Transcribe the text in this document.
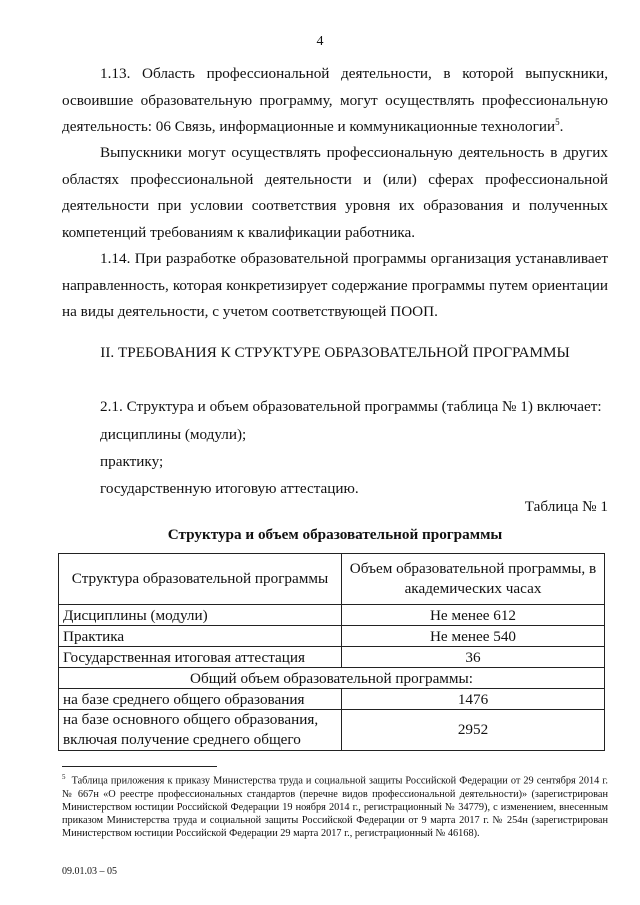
4
1.13. Область профессиональной деятельности, в которой выпускники, освоившие образовательную программу, могут осуществлять профессиональную деятельность: 06 Связь, информационные и коммуникационные технологии$^5$.
Выпускники могут осуществлять профессиональную деятельность в других областях профессиональной деятельности и (или) сферах профессиональной деятельности при условии соответствия уровня их образования и полученных компетенций требованиям к квалификации работника.
1.14. При разработке образовательной программы организация устанавливает направленность, которая конкретизирует содержание программы путем ориентации на виды деятельности, с учетом соответствующей ПООП.
II. ТРЕБОВАНИЯ К СТРУКТУРЕ ОБРАЗОВАТЕЛЬНОЙ ПРОГРАММЫ
2.1. Структура и объем образовательной программы (таблица № 1) включает:
дисциплины (модули);
практику;
государственную итоговую аттестацию.
Таблица № 1
Структура и объем образовательной программы
Структура образовательной программы	Объем образовательной программы, в академических часах
Дисциплины (модули)	Не менее 612
Практика	Не менее 540
Государственная итоговая аттестация	36
Общий объем образовательной программы:	
на базе среднего общего образования	1476
на базе основного общего образования, включая получение среднего общего	2952
$^5$ Таблица приложения к приказу Министерства труда и социальной защиты Российской Федерации от 29 сентября 2014 г. № 667н «О реестре профессиональных стандартов (перечне видов профессиональной деятельности)» (зарегистрирован Министерством юстиции Российской Федерации 19 ноября 2014 г., регистрационный № 34779), с изменением, внесенным приказом Министерства труда и социальной защиты Российской Федерации от 9 марта 2017 г. № 254н (зарегистрирован Министерством юстиции Российской Федерации 29 марта 2017 г., регистрационный № 46168).
09.01.03 – 05
